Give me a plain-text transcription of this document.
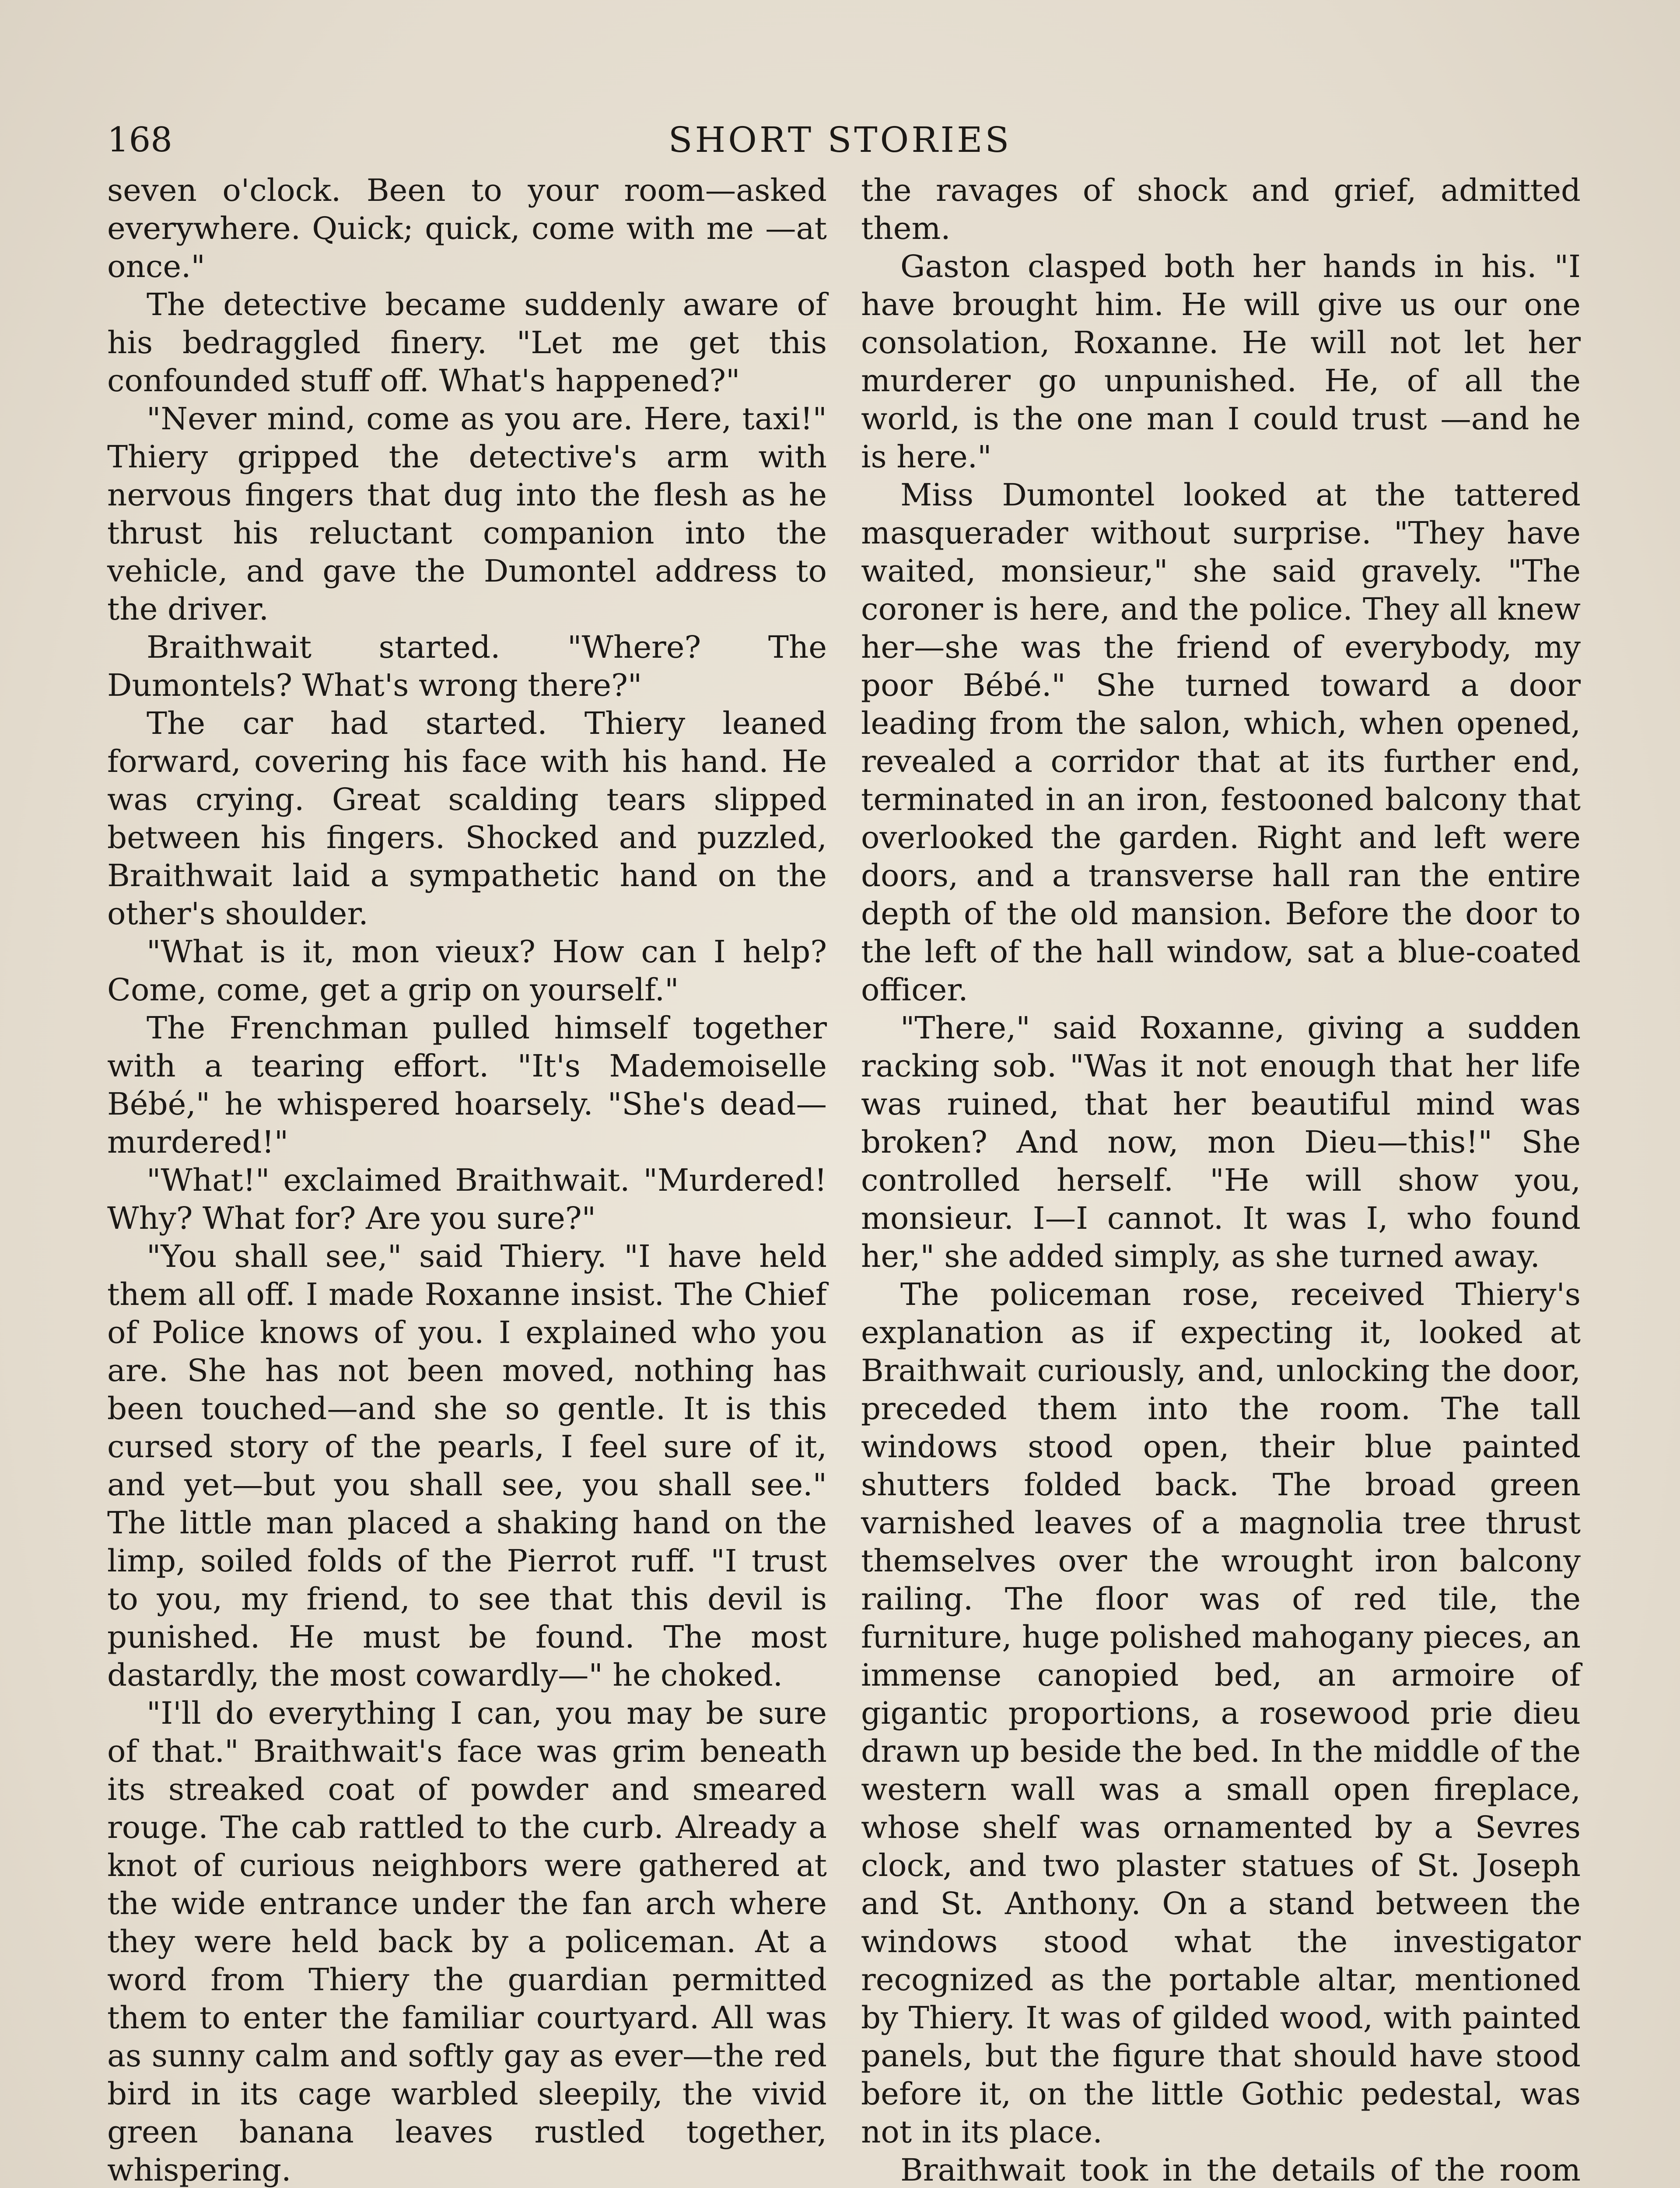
168	SHORT STORIES

seven o'clock. Been to your room—asked everywhere. Quick; quick, come with me —at once."

The detective became suddenly aware of his bedraggled finery. "Let me get this confounded stuff off. What's happened?"

"Never mind, come as you are. Here, taxi!" Thiery gripped the detective's arm with nervous fingers that dug into the flesh as he thrust his reluctant companion into the vehicle, and gave the Dumontel address to the driver.

Braithwait started. "Where? The Dumontels? What's wrong there?"

The car had started. Thiery leaned forward, covering his face with his hand. He was crying. Great scalding tears slipped between his fingers. Shocked and puzzled, Braithwait laid a sympathetic hand on the other's shoulder.

"What is it, mon vieux? How can I help? Come, come, get a grip on yourself."

The Frenchman pulled himself together with a tearing effort. "It's Mademoiselle Bébé," he whispered hoarsely. "She's dead—murdered!"

"What!" exclaimed Braithwait. "Murdered! Why? What for? Are you sure?"

"You shall see," said Thiery. "I have held them all off. I made Roxanne insist. The Chief of Police knows of you. I explained who you are. She has not been moved, nothing has been touched—and she so gentle. It is this cursed story of the pearls, I feel sure of it, and yet—but you shall see, you shall see." The little man placed a shaking hand on the limp, soiled folds of the Pierrot ruff. "I trust to you, my friend, to see that this devil is punished. He must be found. The most dastardly, the most cowardly—" he choked.

"I'll do everything I can, you may be sure of that." Braithwait's face was grim beneath its streaked coat of powder and smeared rouge. The cab rattled to the curb. Already a knot of curious neighbors were gathered at the wide entrance under the fan arch where they were held back by a policeman. At a word from Thiery the guardian permitted them to enter the familiar courtyard. All was as sunny calm and softly gay as ever—the red bird in its cage warbled sleepily, the vivid green banana leaves rustled together, whispering.

the ravages of shock and grief, admitted them.

Gaston clasped both her hands in his. "I have brought him. He will give us our one consolation, Roxanne. He will not let her murderer go unpunished. He, of all the world, is the one man I could trust —and he is here."

Miss Dumontel looked at the tattered masquerader without surprise. "They have waited, monsieur," she said gravely. "The coroner is here, and the police. They all knew her—she was the friend of everybody, my poor Bébé." She turned toward a door leading from the salon, which, when opened, revealed a corridor that at its further end, terminated in an iron, festooned balcony that overlooked the garden. Right and left were doors, and a transverse hall ran the entire depth of the old mansion. Before the door to the left of the hall window, sat a blue-coated officer.

"There," said Roxanne, giving a sudden racking sob. "Was it not enough that her life was ruined, that her beautiful mind was broken? And now, mon Dieu—this!" She controlled herself. "He will show you, monsieur. I—I cannot. It was I, who found her," she added simply, as she turned away.

The policeman rose, received Thiery's explanation as if expecting it, looked at Braithwait curiously, and, unlocking the door, preceded them into the room. The tall windows stood open, their blue painted shutters folded back. The broad green varnished leaves of a magnolia tree thrust themselves over the wrought iron balcony railing. The floor was of red tile, the furniture, huge polished mahogany pieces, an immense canopied bed, an armoire of gigantic proportions, a rosewood prie dieu drawn up beside the bed. In the middle of the western wall was a small open fireplace, whose shelf was ornamented by a Sevres clock, and two plaster statues of St. Joseph and St. Anthony. On a stand between the windows stood what the investigator recognized as the portable altar, mentioned by Thiery. It was of gilded wood, with painted panels, but the figure that should have stood before it, on the little Gothic pedestal, was not in its place.

Braithwait took in the details of the room
